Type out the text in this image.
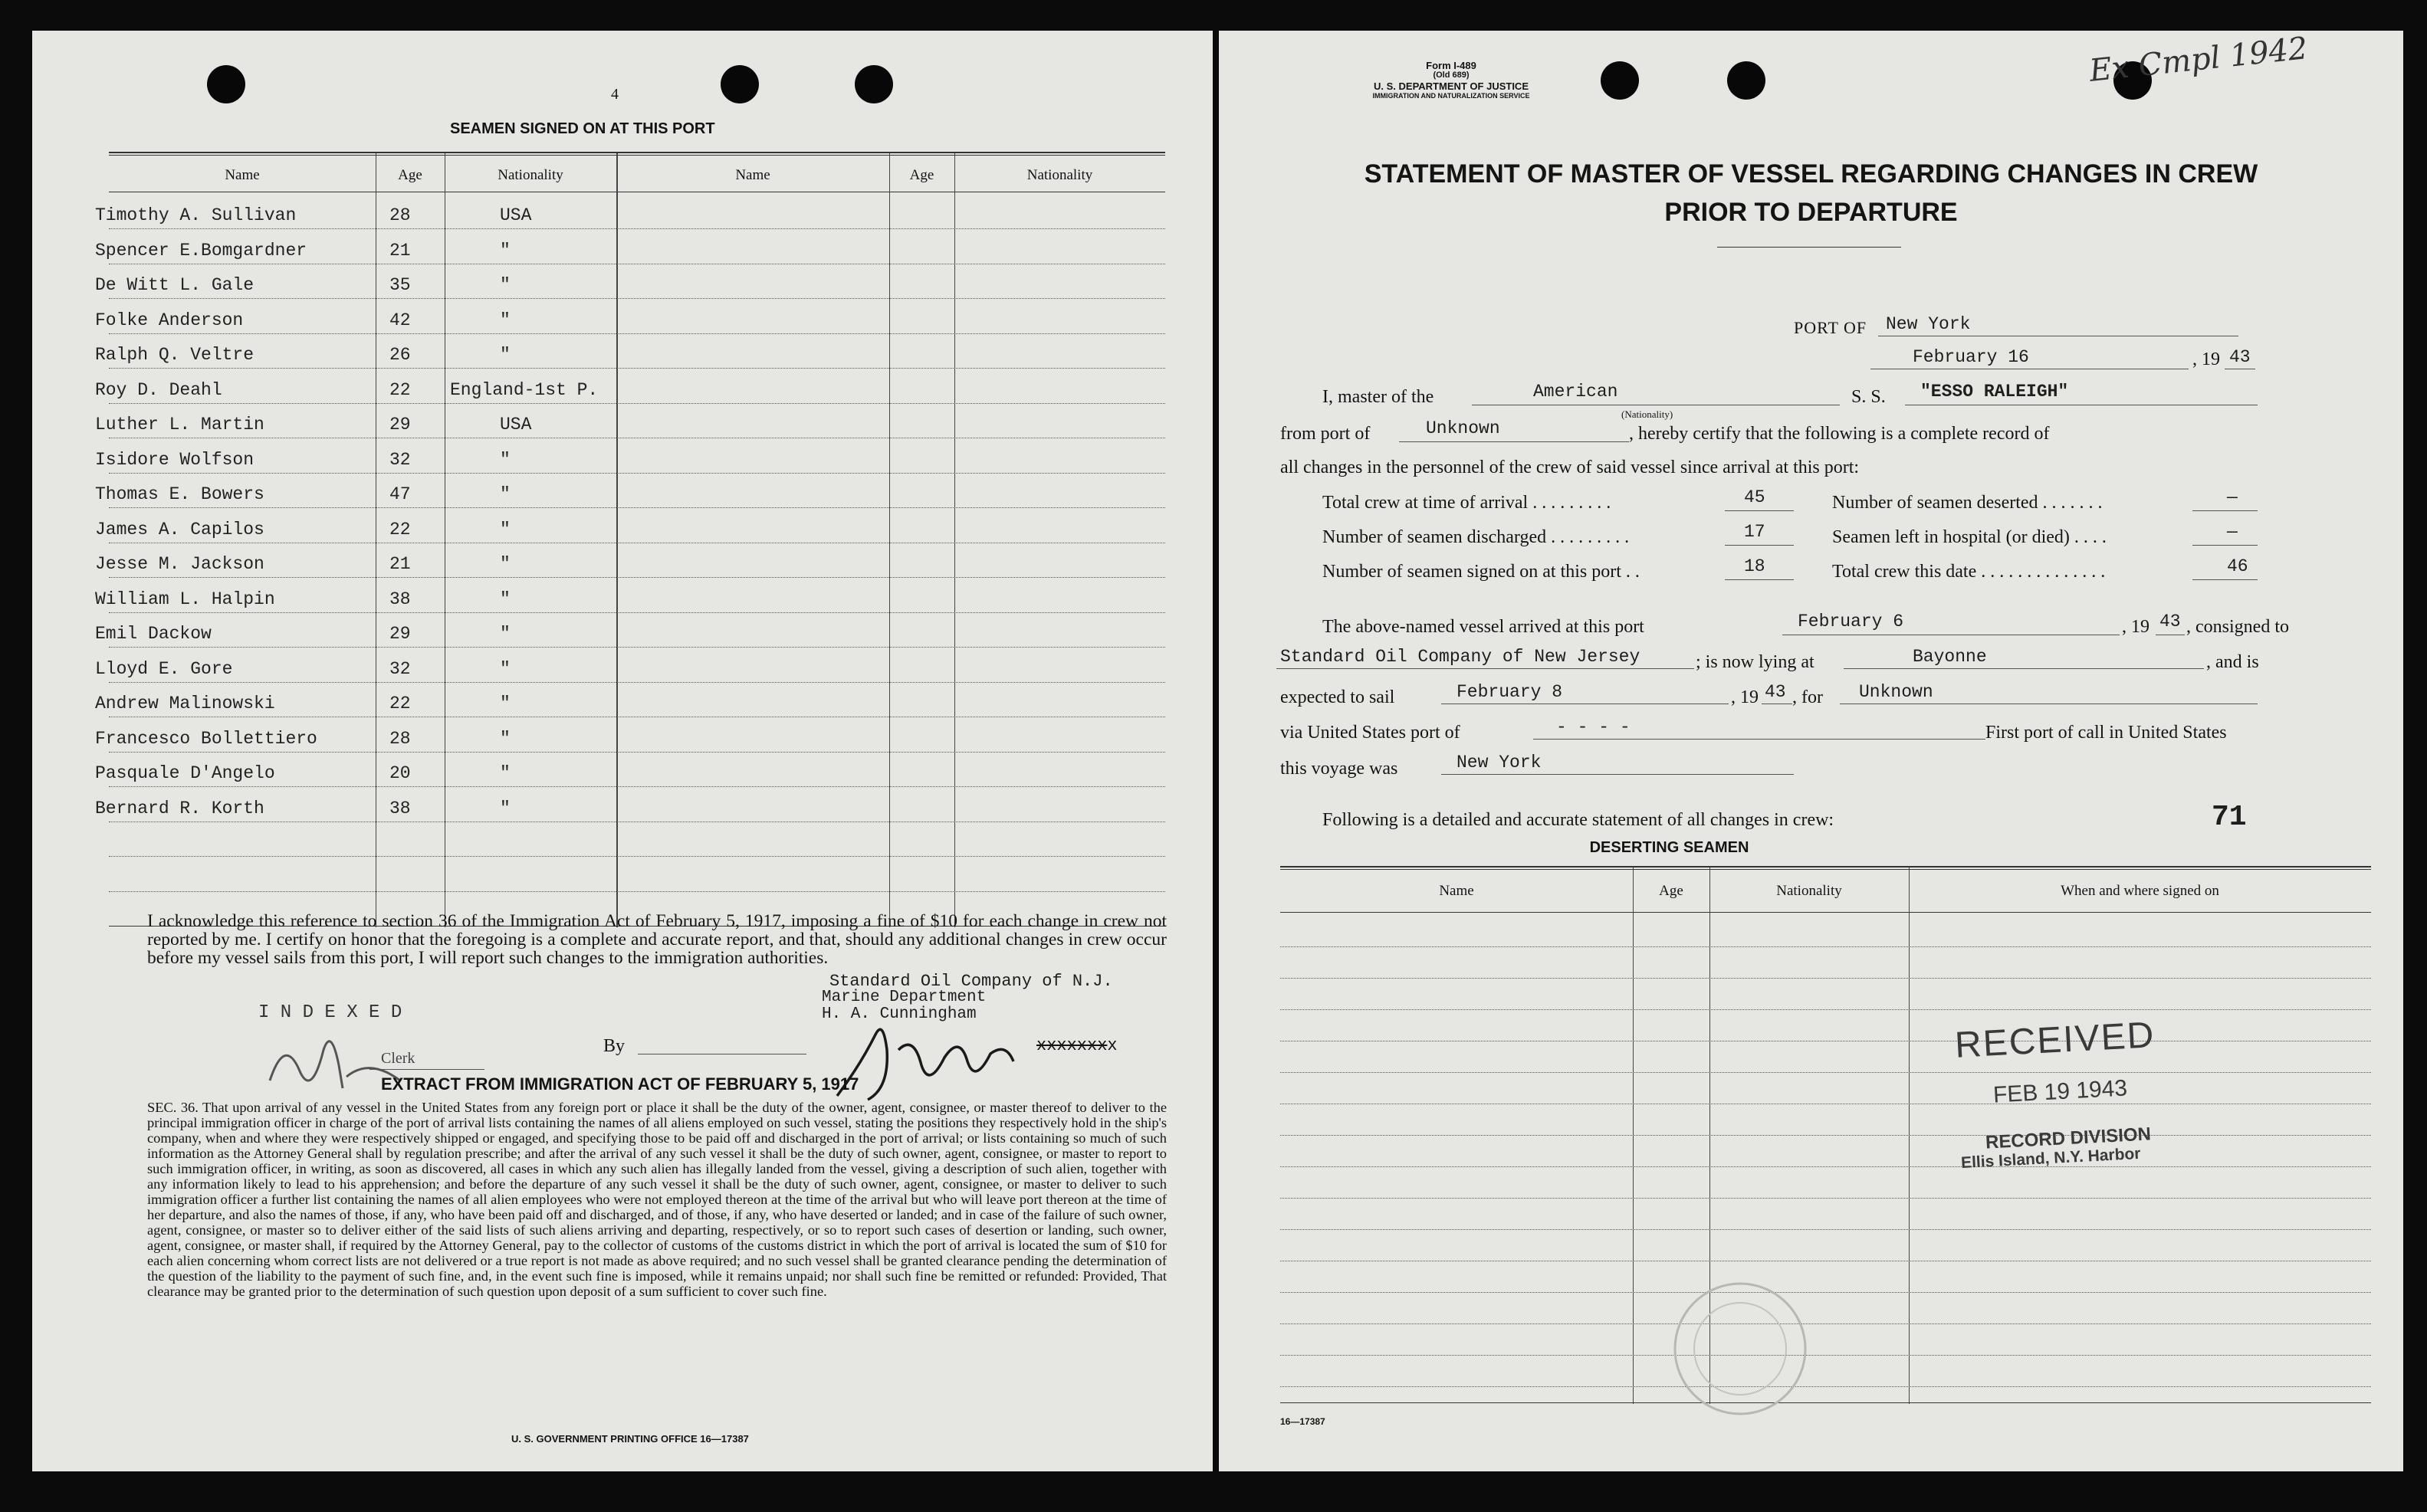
4
SEAMEN SIGNED ON AT THIS PORT
Name	Age	Nationality	Name	Age	Nationality
Timothy A. Sullivan	28	USA
Spencer E.Bomgardner	21	"
De Witt L. Gale	35	"
Folke Anderson	42	"
Ralph Q. Veltre	26	"
Roy D. Deahl	22 England-1st P.
Luther L. Martin	29	USA
Isidore Wolfson	32	"
Thomas E. Bowers	47	"
James A. Capilos	22	"
Jesse M. Jackson	21	"
William L. Halpin	38	"
Emil Dackow	29	"
Lloyd E. Gore	32	"
Andrew Malinowski	22	"
Francesco Bollettiero	28	"
Pasquale D'Angelo	20	"
Bernard R. Korth	38	"
I acknowledge this reference to section 36 of the Immigration Act of February 5, 1917, imposing a fine of $10 for each change in crew not reported by me. I certify on honor that the foregoing is a complete and accurate report, and that, should any additional changes in crew occur before my vessel sails from this port, I will report such changes to the immigration authorities.
Standard Oil Company of N.J.
Marine Department
H. A. Cunningham
I N D E X E D
Clerk
By	xxxxxxxx
EXTRACT FROM IMMIGRATION ACT OF FEBRUARY 5, 1917
SEC. 36. That upon arrival of any vessel in the United States from any foreign port or place it shall be the duty of the owner, agent, consignee, or master thereof to deliver to the principal immigration officer in charge of the port of arrival lists containing the names of all aliens employed on such vessel, stating the positions they respectively hold in the ship's company, when and where they were respectively shipped or engaged, and specifying those to be paid off and discharged in the port of arrival; or lists containing so much of such information as the Attorney General shall by regulation prescribe; and after the arrival of any such vessel it shall be the duty of such owner, agent, consignee, or master to report to such immigration officer, in writing, as soon as discovered, all cases in which any such alien has illegally landed from the vessel, giving a description of such alien, together with any information likely to lead to his apprehension; and before the departure of any such vessel it shall be the duty of such owner, agent, consignee, or master to deliver to such immigration officer a further list containing the names of all alien employees who were not employed thereon at the time of the arrival but who will leave port thereon at the time of her departure, and also the names of those, if any, who have been paid off and discharged, and of those, if any, who have deserted or landed; and in case of the failure of such owner, agent, consignee, or master so to deliver either of the said lists of such aliens arriving and departing, respectively, or so to report such cases of desertion or landing, such owner, agent, consignee, or master shall, if required by the Attorney General, pay to the collector of customs of the customs district in which the port of arrival is located the sum of $10 for each alien concerning whom correct lists are not delivered or a true report is not made as above required; and no such vessel shall be granted clearance pending the determination of the question of the liability to the payment of such fine, and, in the event such fine is imposed, while it remains unpaid; nor shall such fine be remitted or refunded: Provided, That clearance may be granted prior to the determination of such question upon deposit of a sum sufficient to cover such fine.
U. S. GOVERNMENT PRINTING OFFICE 16—17387
Form I-489
(Old 689)
U. S. DEPARTMENT OF JUSTICE
IMMIGRATION AND NATURALIZATION SERVICE
Ex Cmpl 1942
STATEMENT OF MASTER OF VESSEL REGARDING CHANGES IN CREW
PRIOR TO DEPARTURE
PORT OF New York
February 16	, 19 43
I, master of the	American
(Nationality)
S. S. "ESSO RALEIGH"
from port of	Unknown	, hereby certify that the following is a complete record of
all changes in the personnel of the crew of said vessel since arrival at this port:
Total crew at time of arrival . . . . . . . . .	45	Number of seamen deserted . . . . . . .	—
Number of seamen discharged . . . . . . . . .	17	Seamen left in hospital (or died) . . . .	—
Number of seamen signed on at this port . .	18	Total crew this date . . . . . . . . . . . . . .	46
The above-named vessel arrived at this port	February 6	, 19 43 , consigned to
Standard Oil Company of New Jersey	; is now lying at	Bayonne	, and is
expected to sail	February 8	, 19 43 , for Unknown
via United States port of	- - - -	First port of call in United States
this voyage was	New York
Following is a detailed and accurate statement of all changes in crew:	71
DESERTING SEAMEN
Name	Age	Nationality	When and where signed on
RECEIVED
FEB 19 1943
RECORD DIVISION
Ellis Island, N.Y. Harbor
16—17387
